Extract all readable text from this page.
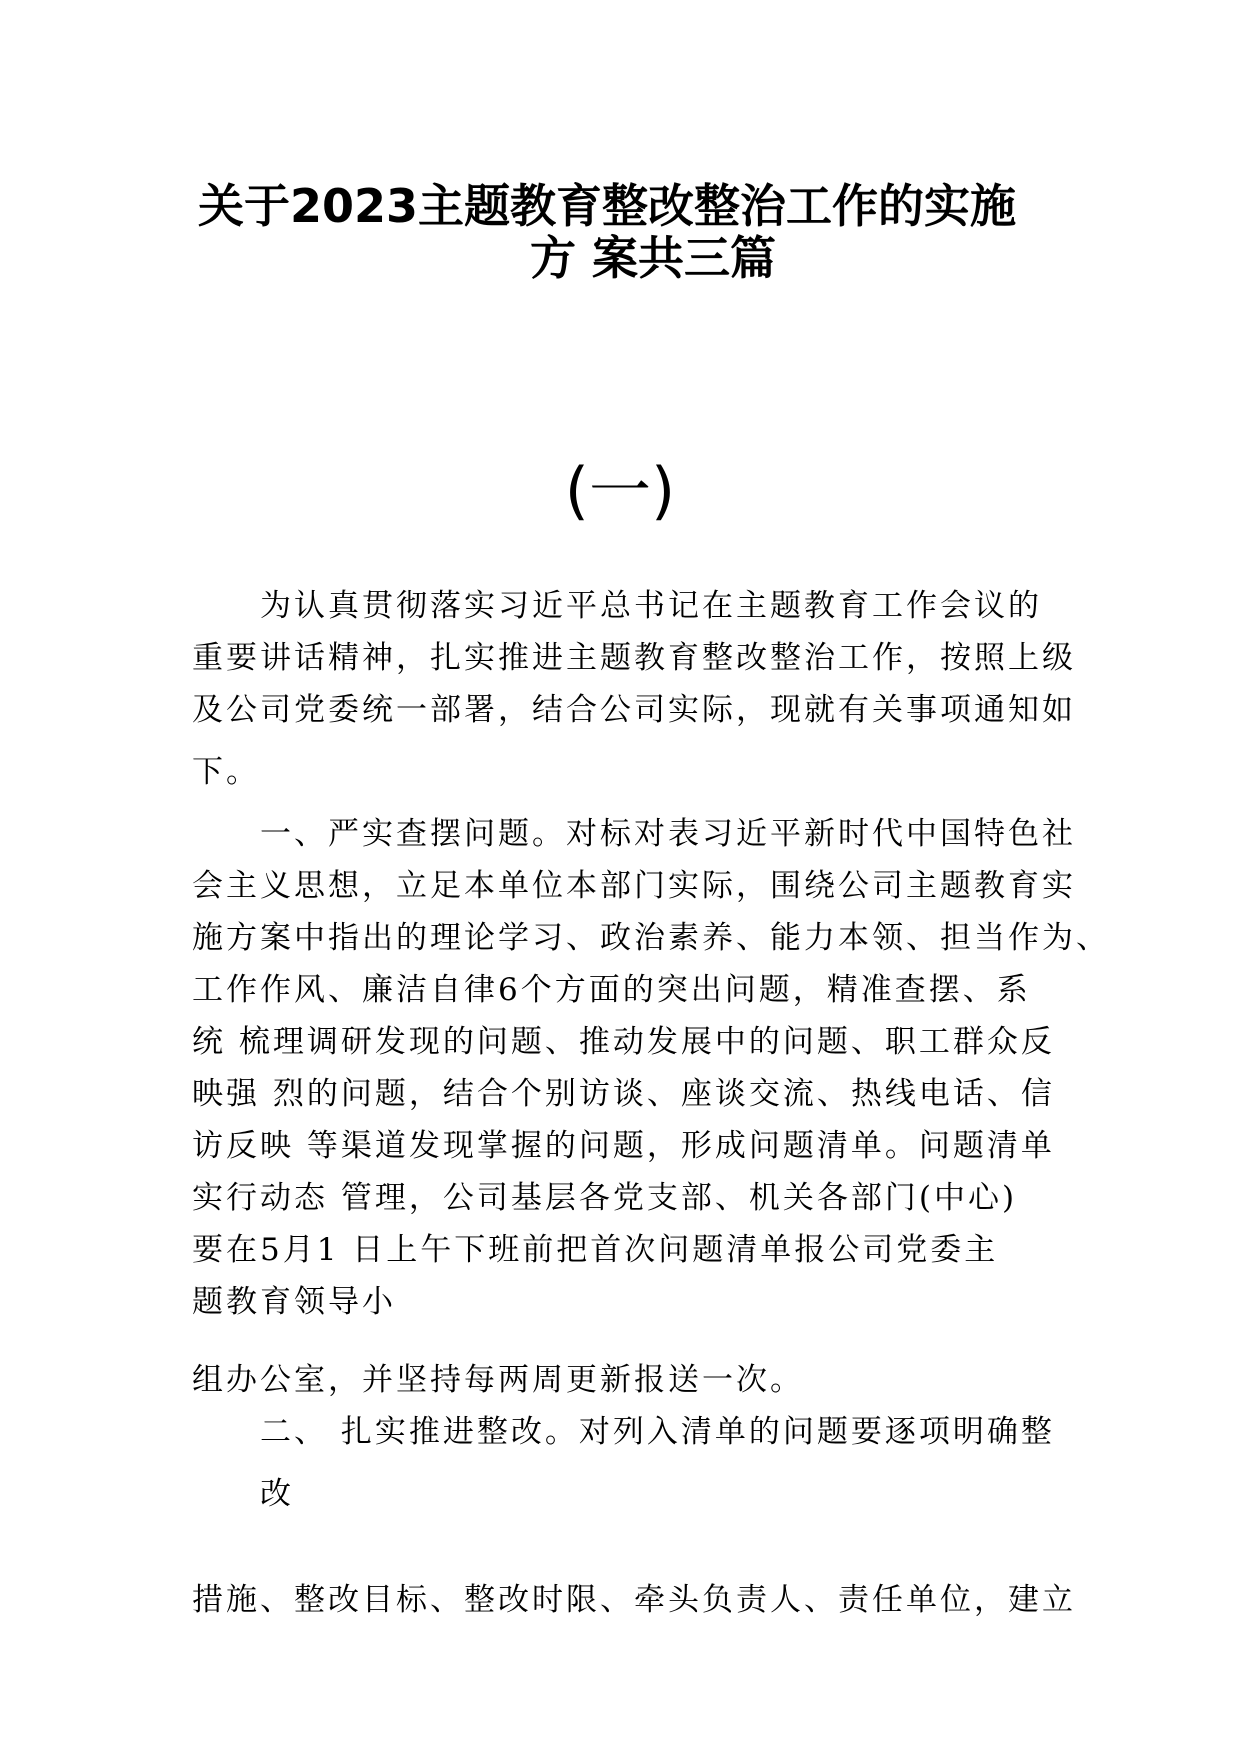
关于2023主题教育整改整治工作的实施
方 案共三篇
(一)
为认真贯彻落实习近平总书记在主题教育工作会议的
重要讲话精神，扎实推进主题教育整改整治工作，按照上级
及公司党委统一部署，结合公司实际，现就有关事项通知如
下。
一、严实查摆问题。对标对表习近平新时代中国特色社
会主义思想，立足本单位本部门实际，围绕公司主题教育实
施方案中指出的理论学习、政治素养、能力本领、担当作为、
工作作风、廉洁自律6个方面的突出问题，精准查摆、系
统 梳理调研发现的问题、推动发展中的问题、职工群众反
映强 烈的问题，结合个别访谈、座谈交流、热线电话、信
访反映 等渠道发现掌握的问题，形成问题清单。问题清单
实行动态 管理，公司基层各党支部、机关各部门(中心)
要在5月1 日上午下班前把首次问题清单报公司党委主
题教育领导小
组办公室，并坚持每两周更新报送一次。
二、 扎实推进整改。对列入清单的问题要逐项明确整
改
措施、整改目标、整改时限、牵头负责人、责任单位，建立
